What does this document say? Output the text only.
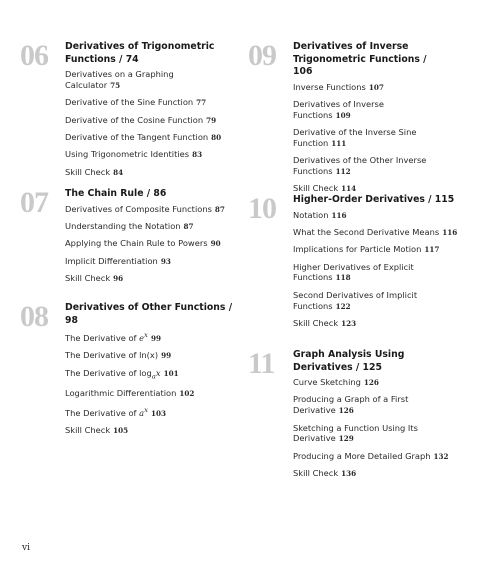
06 Derivatives of Trigonometric Functions / 74
Derivatives on a Graphing Calculator 75
Derivative of the Sine Function 77
Derivative of the Cosine Function 79
Derivative of the Tangent Function 80
Using Trigonometric Identities 83
Skill Check 84
07 The Chain Rule / 86
Derivatives of Composite Functions 87
Understanding the Notation 87
Applying the Chain Rule to Powers 90
Implicit Differentiation 93
Skill Check 96
08 Derivatives of Other Functions / 98
The Derivative of $e^x$ 99
The Derivative of ln(x) 99
The Derivative of $\log_ax$ 101
Logarithmic Differentiation 102
The Derivative of $a^x$ 103
Skill Check 105
09 Derivatives of Inverse Trigonometric Functions / 106
Inverse Functions 107
Derivatives of Inverse Functions 109
Derivative of the Inverse Sine Function 111
Derivatives of the Other Inverse Functions 112
Skill Check 114
10 Higher-Order Derivatives / 115
Notation 116
What the Second Derivative Means 116
Implications for Particle Motion 117
Higher Derivatives of Explicit Functions 118
Second Derivatives of Implicit Functions 122
Skill Check 123
11 Graph Analysis Using Derivatives / 125
Curve Sketching 126
Producing a Graph of a First Derivative 126
Sketching a Function Using Its Derivative 129
Producing a More Detailed Graph 132
Skill Check 136
vi
